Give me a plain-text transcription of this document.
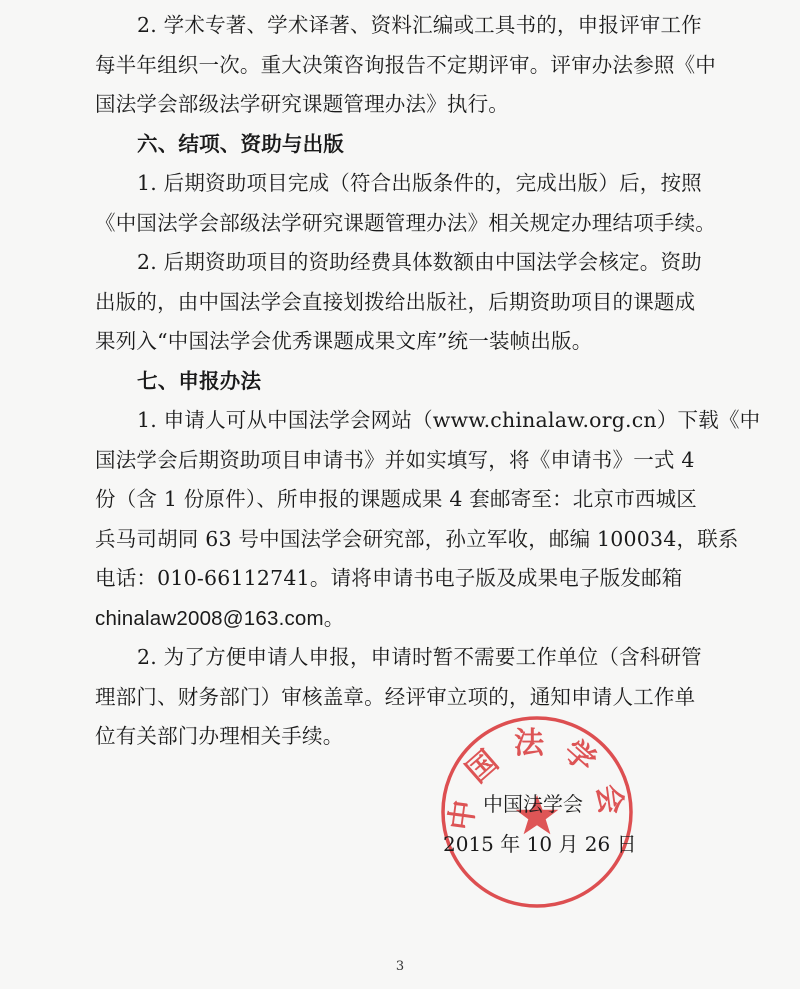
2. 学术专著、学术译著、资料汇编或工具书的，申报评审工作
每半年组织一次。重大决策咨询报告不定期评审。评审办法参照《中
国法学会部级法学研究课题管理办法》执行。
六、结项、资助与出版
1. 后期资助项目完成（符合出版条件的，完成出版）后，按照
《中国法学会部级法学研究课题管理办法》相关规定办理结项手续。
2. 后期资助项目的资助经费具体数额由中国法学会核定。资助
出版的，由中国法学会直接划拨给出版社，后期资助项目的课题成
果列入“中国法学会优秀课题成果文库”统一装帧出版。
七、申报办法
1. 申请人可从中国法学会网站（www.chinalaw.org.cn）下载《中
国法学会后期资助项目申请书》并如实填写，将《申请书》一式 4
份（含 1 份原件）、所申报的课题成果 4 套邮寄至：北京市西城区
兵马司胡同 63 号中国法学会研究部，孙立军收，邮编 100034，联系
电话：010-66112741。请将申请书电子版及成果电子版发邮箱
chinalaw2008@163.com。
2. 为了方便申请人申报，申请时暂不需要工作单位（含科研管
理部门、财务部门）审核盖章。经评审立项的，通知申请人工作单
位有关部门办理相关手续。
中国法学会
中国法学会
2015 年 10 月 26 日
3
